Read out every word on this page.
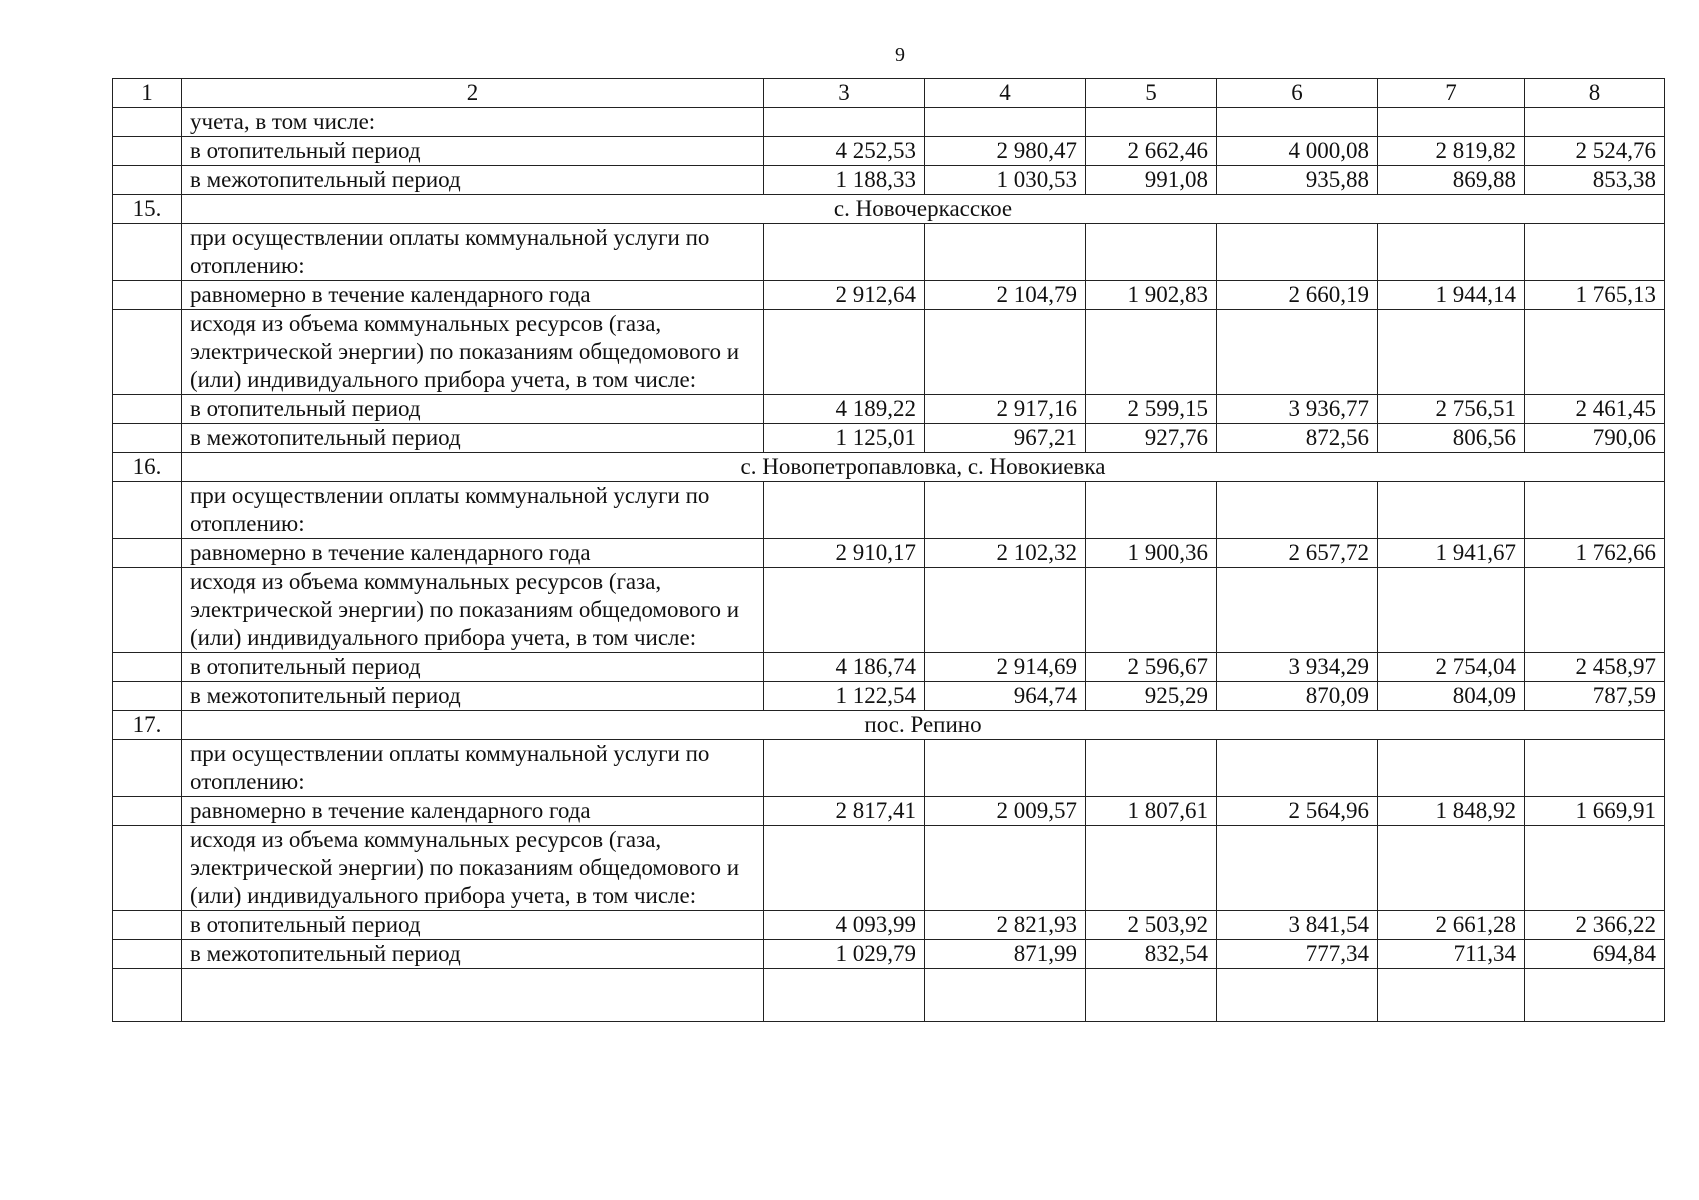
9
1	2	3	4	5	6	7	8
	учета, в том числе:						
	в отопительный период	4 252,53	2 980,47	2 662,46	4 000,08	2 819,82	2 524,76
	в межотопительный период	1 188,33	1 030,53	991,08	935,88	869,88	853,38
15.	с. Новочеркасское						
	при осуществлении оплаты коммунальной услуги по отоплению:						
	равномерно в течение календарного года	2 912,64	2 104,79	1 902,83	2 660,19	1 944,14	1 765,13
	исходя из объема коммунальных ресурсов (газа, электрической энергии) по показаниям общедомового и (или) индивидуального прибора учета, в том числе:						
	в отопительный период	4 189,22	2 917,16	2 599,15	3 936,77	2 756,51	2 461,45
	в межотопительный период	1 125,01	967,21	927,76	872,56	806,56	790,06
16.	с. Новопетропавловка, с. Новокиевка						
	при осуществлении оплаты коммунальной услуги по отоплению:						
	равномерно в течение календарного года	2 910,17	2 102,32	1 900,36	2 657,72	1 941,67	1 762,66
	исходя из объема коммунальных ресурсов (газа, электрической энергии) по показаниям общедомового и (или) индивидуального прибора учета, в том числе:						
	в отопительный период	4 186,74	2 914,69	2 596,67	3 934,29	2 754,04	2 458,97
	в межотопительный период	1 122,54	964,74	925,29	870,09	804,09	787,59
17.	пос. Репино						
	при осуществлении оплаты коммунальной услуги по отоплению:						
	равномерно в течение календарного года	2 817,41	2 009,57	1 807,61	2 564,96	1 848,92	1 669,91
	исходя из объема коммунальных ресурсов (газа, электрической энергии) по показаниям общедомового и (или) индивидуального прибора учета, в том числе:						
	в отопительный период	4 093,99	2 821,93	2 503,92	3 841,54	2 661,28	2 366,22
	в межотопительный период	1 029,79	871,99	832,54	777,34	711,34	694,84
